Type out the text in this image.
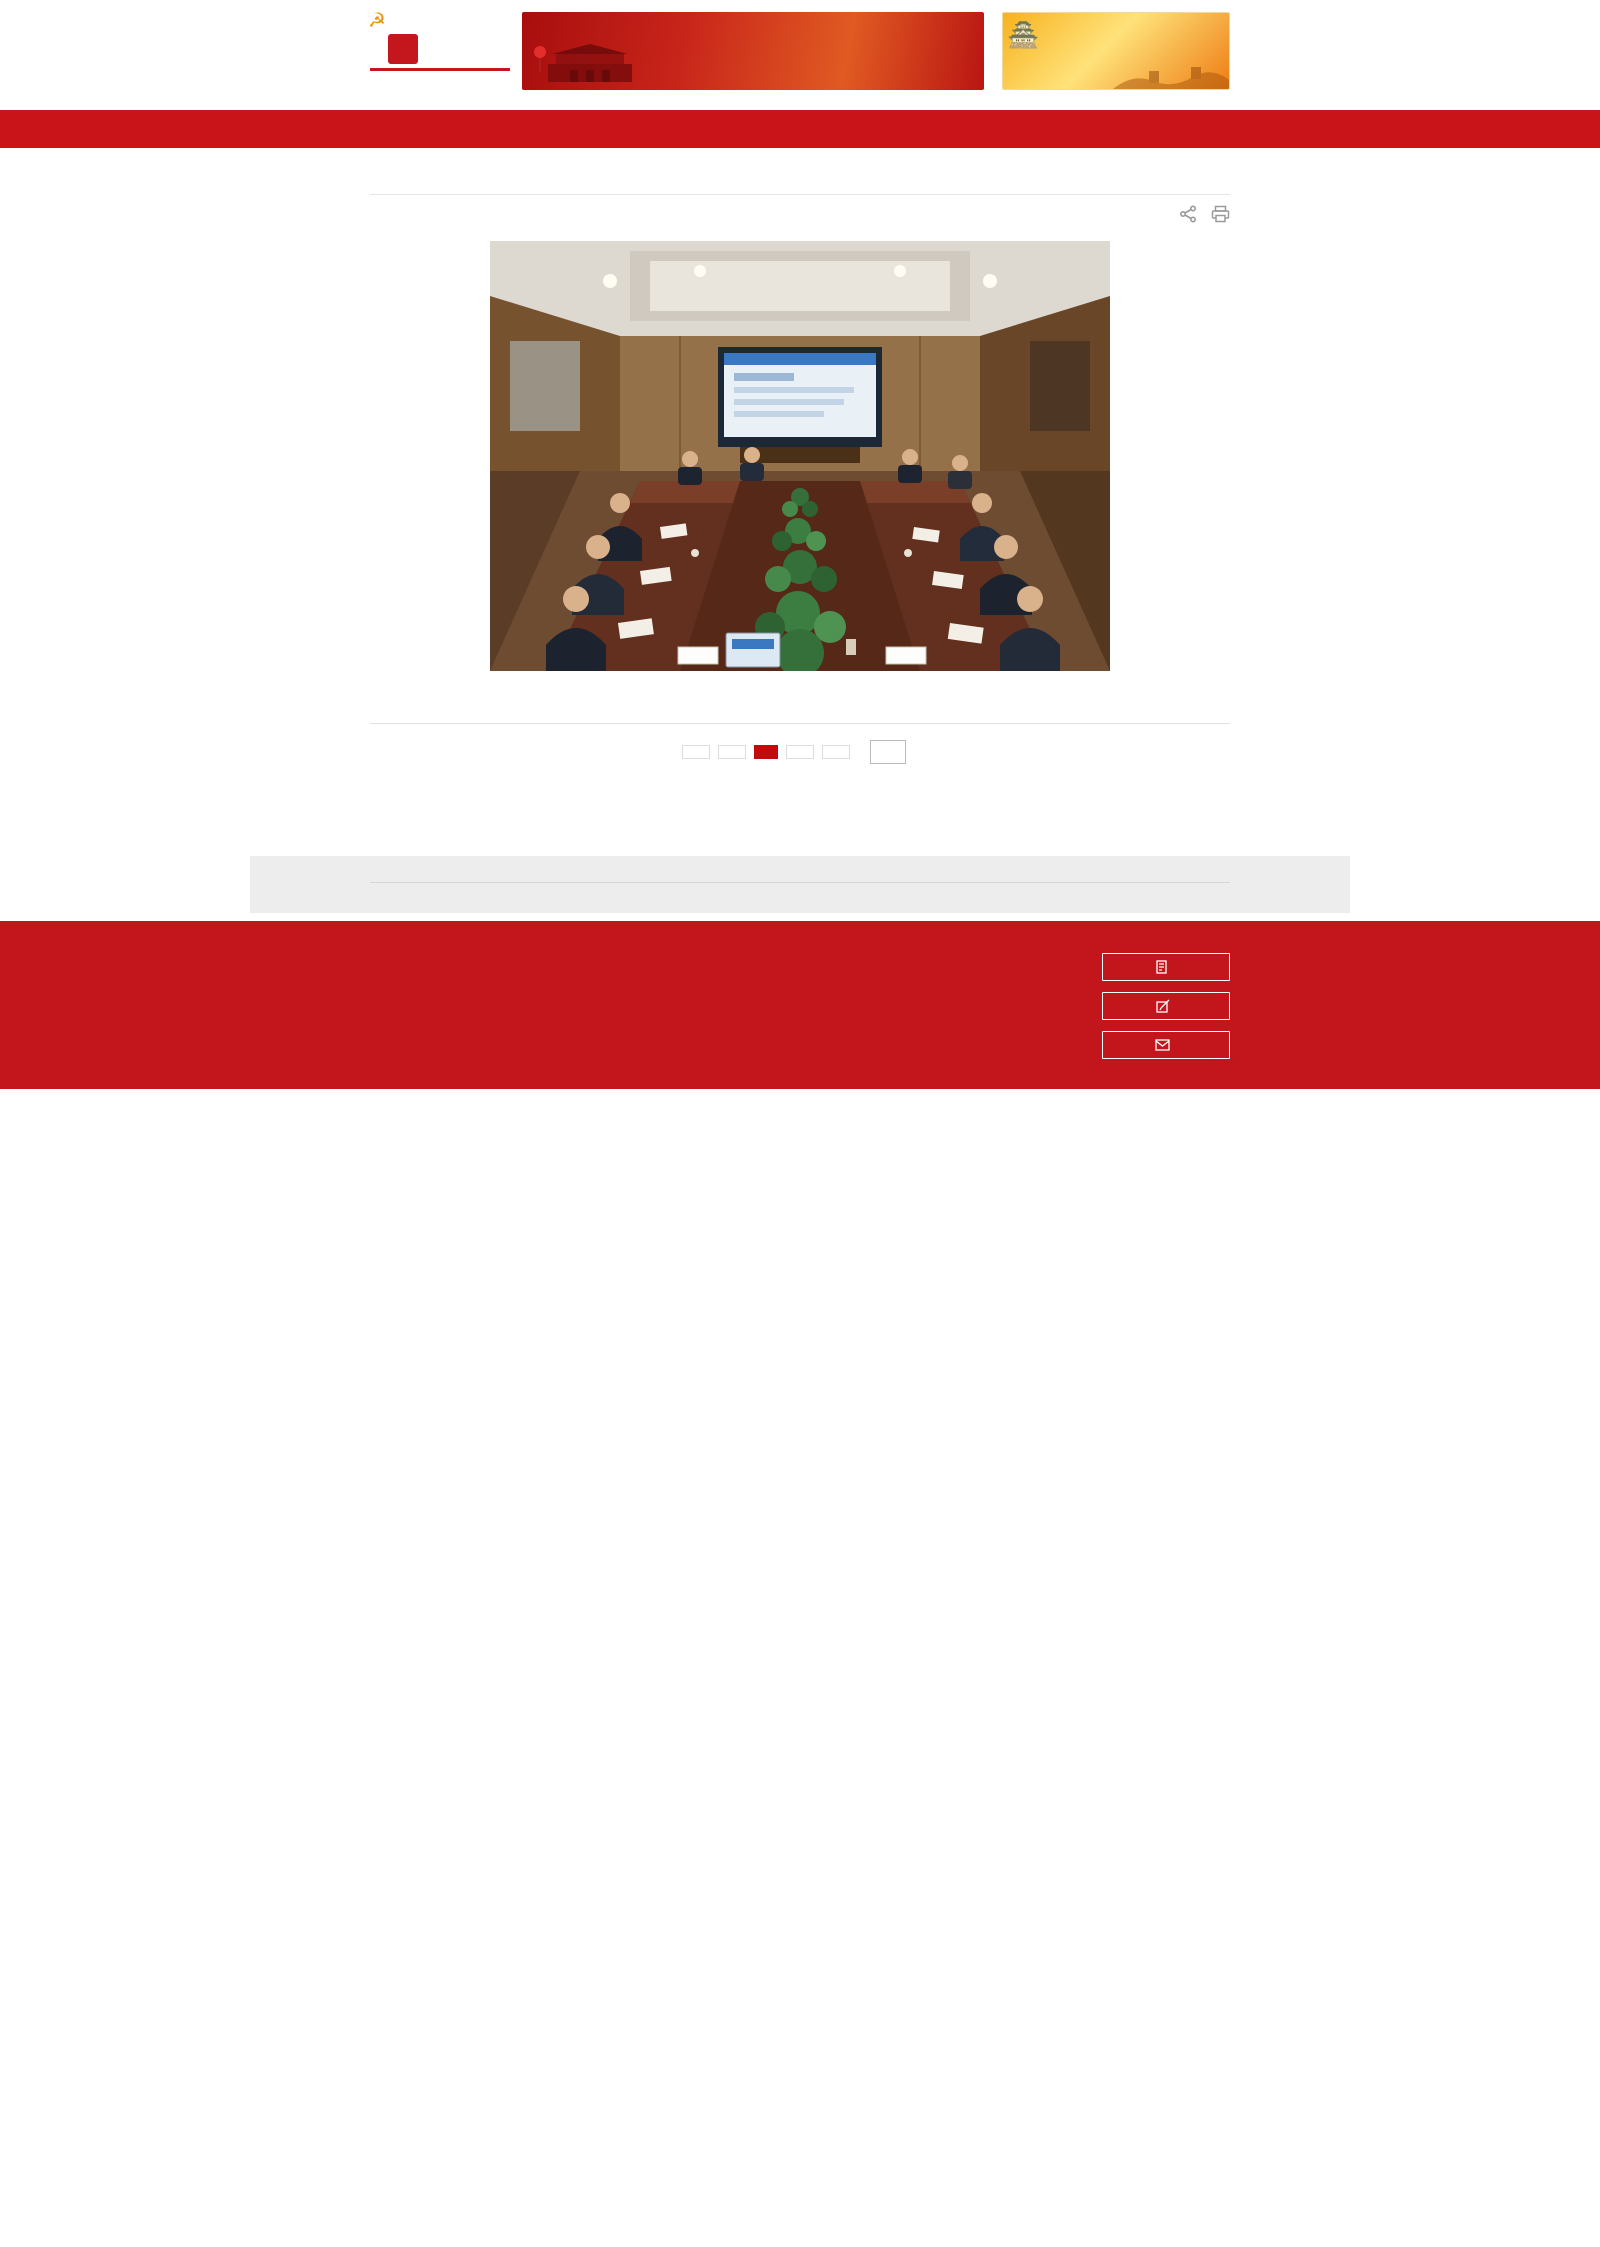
☭	🏯
